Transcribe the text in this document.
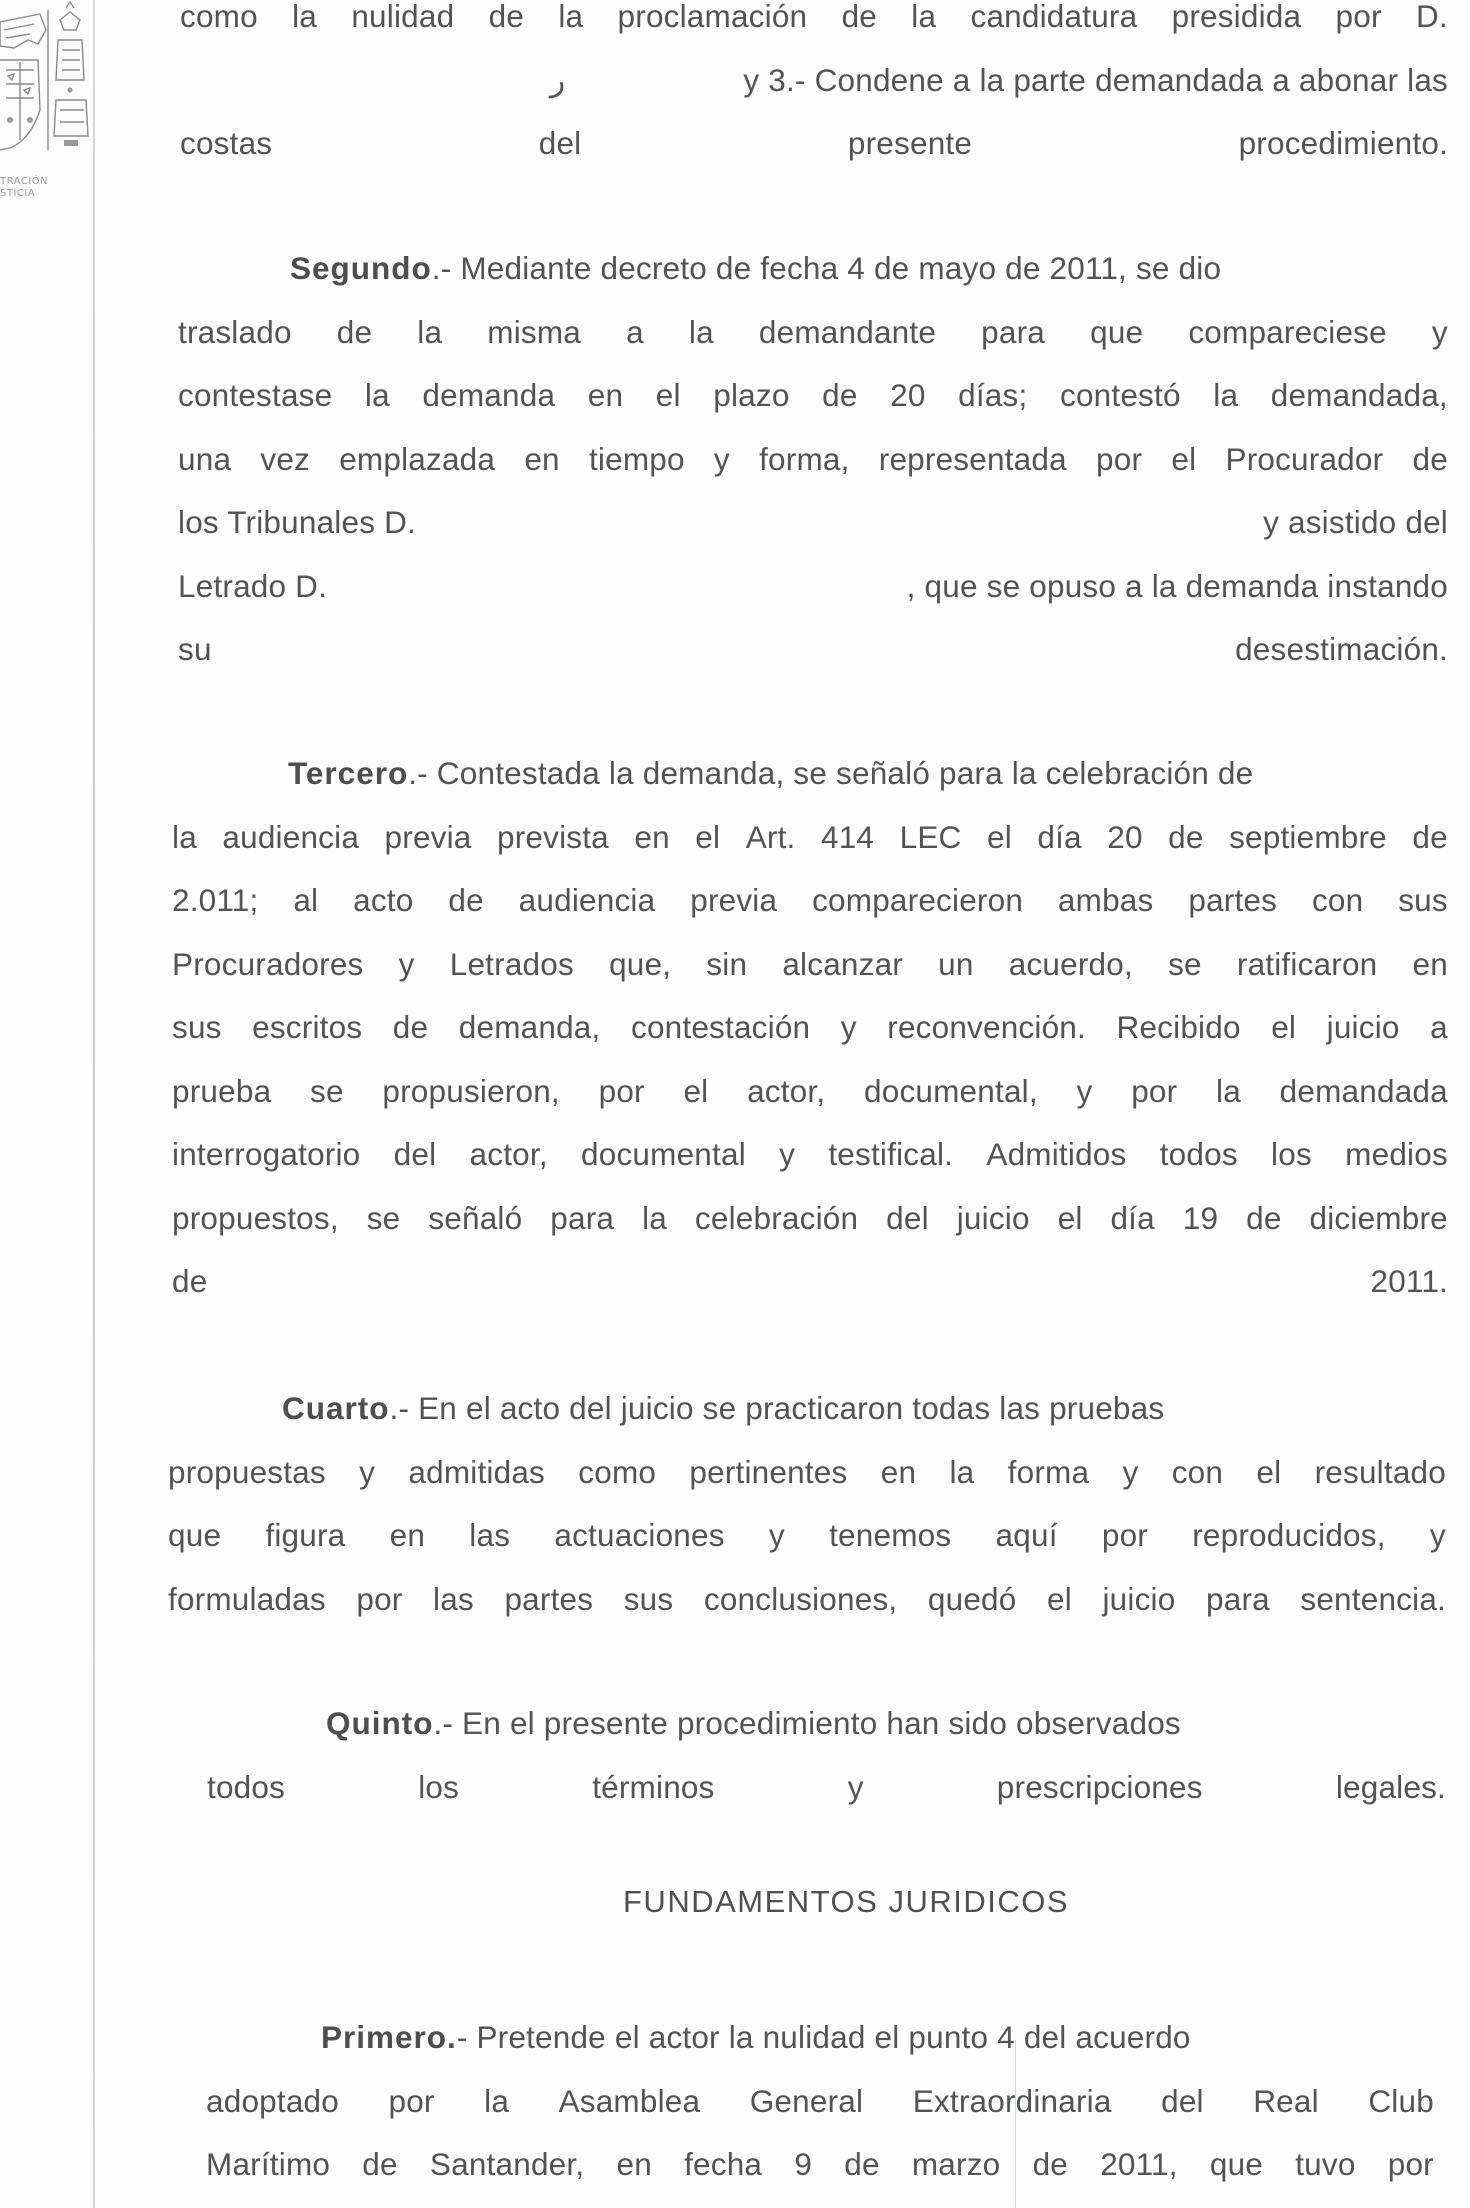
TRACIÓN
STICIA
como la nulidad de la proclamación de la candidatura presidida por D.
ر	y 3.- Condene a la parte demandada a abonar las
costas del presente procedimiento.
Segundo.- Mediante decreto de fecha 4 de mayo de 2011, se dio
traslado de la misma a la demandante para que compareciese y
contestase la demanda en el plazo de 20 días; contestó la demandada,
una vez emplazada en tiempo y forma, representada por el Procurador de
los Tribunales D.	y asistido del
Letrado D.	, que se opuso a la demanda instando
su desestimación.
Tercero.- Contestada la demanda, se señaló para la celebración de
la audiencia previa prevista en el Art. 414 LEC el día 20 de septiembre de
2.011; al acto de audiencia previa comparecieron ambas partes con sus
Procuradores y Letrados que, sin alcanzar un acuerdo, se ratificaron en
sus escritos de demanda, contestación y reconvención. Recibido el juicio a
prueba se propusieron, por el actor, documental, y por la demandada
interrogatorio del actor, documental y testifical. Admitidos todos los medios
propuestos, se señaló para la celebración del juicio el día 19 de diciembre
de 2011.
Cuarto.- En el acto del juicio se practicaron todas las pruebas
propuestas y admitidas como pertinentes en la forma y con el resultado
que figura en las actuaciones y tenemos aquí por reproducidos, y
formuladas por las partes sus conclusiones, quedó el juicio para sentencia.
Quinto.- En el presente procedimiento han sido observados
todos los términos y prescripciones legales.
FUNDAMENTOS JURIDICOS
Primero.- Pretende el actor la nulidad el punto 4 del acuerdo
adoptado por la Asamblea General Extraordinaria del Real Club
Marítimo de Santander, en fecha 9 de marzo de 2011, que tuvo por
